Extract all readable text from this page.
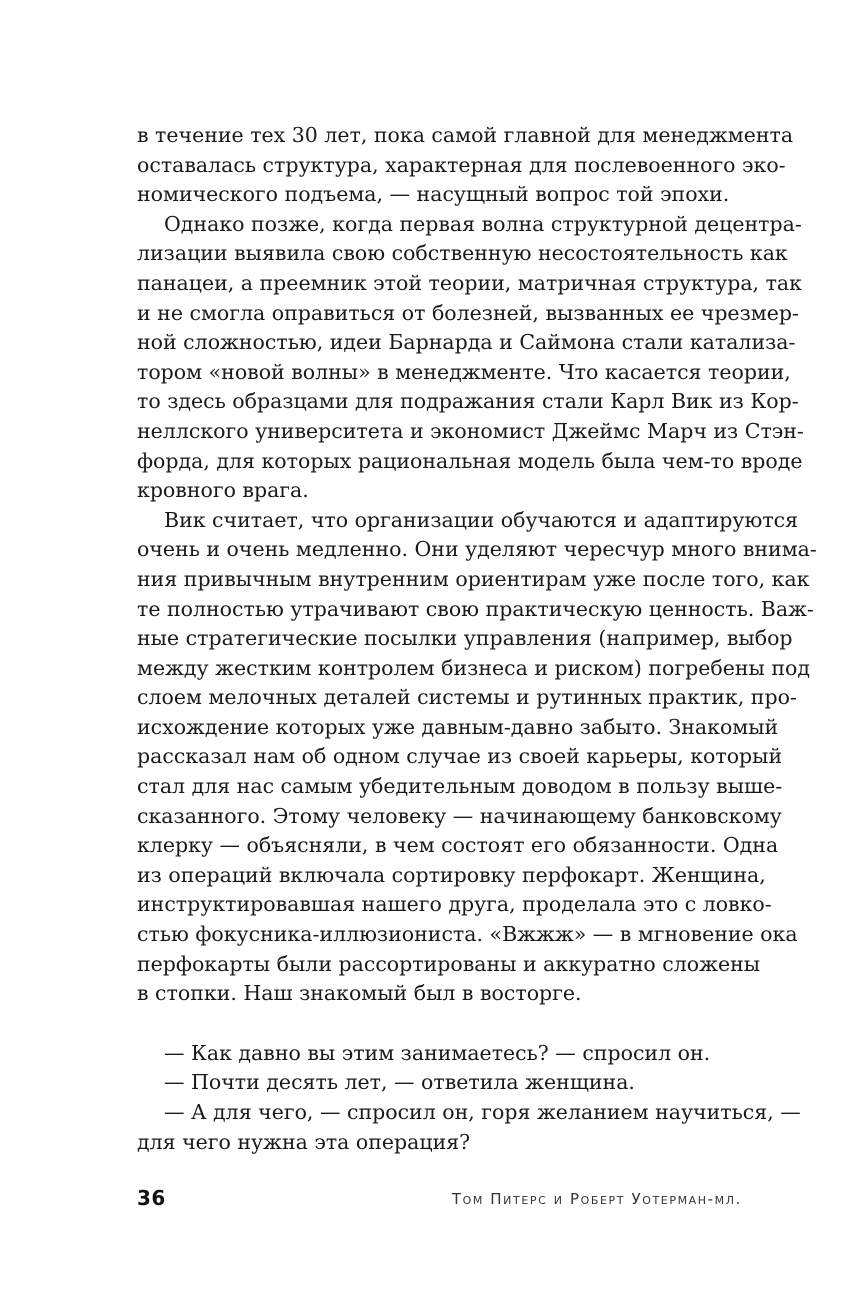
в течение тех 30 лет, пока самой главной для менеджмента
оставалась структура, характерная для послевоенного эко-
номического подъема, — насущный вопрос той эпохи.
Однако позже, когда первая волна структурной децентра-
лизации выявила свою собственную несостоятельность как
панацеи, а преемник этой теории, матричная структура, так
и не смогла оправиться от болезней, вызванных ее чрезмер-
ной сложностью, идеи Барнарда и Саймона стали катализа-
тором «новой волны» в менеджменте. Что касается теории,
то здесь образцами для подражания стали Карл Вик из Кор-
неллского университета и экономист Джеймс Марч из Стэн-
форда, для которых рациональная модель была чем-то вроде
кровного врага.
Вик считает, что организации обучаются и адаптируются
очень и очень медленно. Они уделяют чересчур много внима-
ния привычным внутренним ориентирам уже после того, как
те полностью утрачивают свою практическую ценность. Важ-
ные стратегические посылки управления (например, выбор
между жестким контролем бизнеса и риском) погребены под
слоем мелочных деталей системы и рутинных практик, про-
исхождение которых уже давным-давно забыто. Знакомый
рассказал нам об одном случае из своей карьеры, который
стал для нас самым убедительным доводом в пользу выше-
сказанного. Этому человеку — начинающему банковскому
клерку — объясняли, в чем состоят его обязанности. Одна
из операций включала сортировку перфокарт. Женщина,
инструктировавшая нашего друга, проделала это с ловко-
стью фокусника-иллюзиониста. «Вжжж» — в мгновение ока
перфокарты были рассортированы и аккуратно сложены
в стопки. Наш знакомый был в восторге.
— Как давно вы этим занимаетесь? — спросил он.
— Почти десять лет, — ответила женщина.
— А для чего, — спросил он, горя желанием научиться, —
для чего нужна эта операция?
36	Том Питерс и Роберт Уотерман-мл.
